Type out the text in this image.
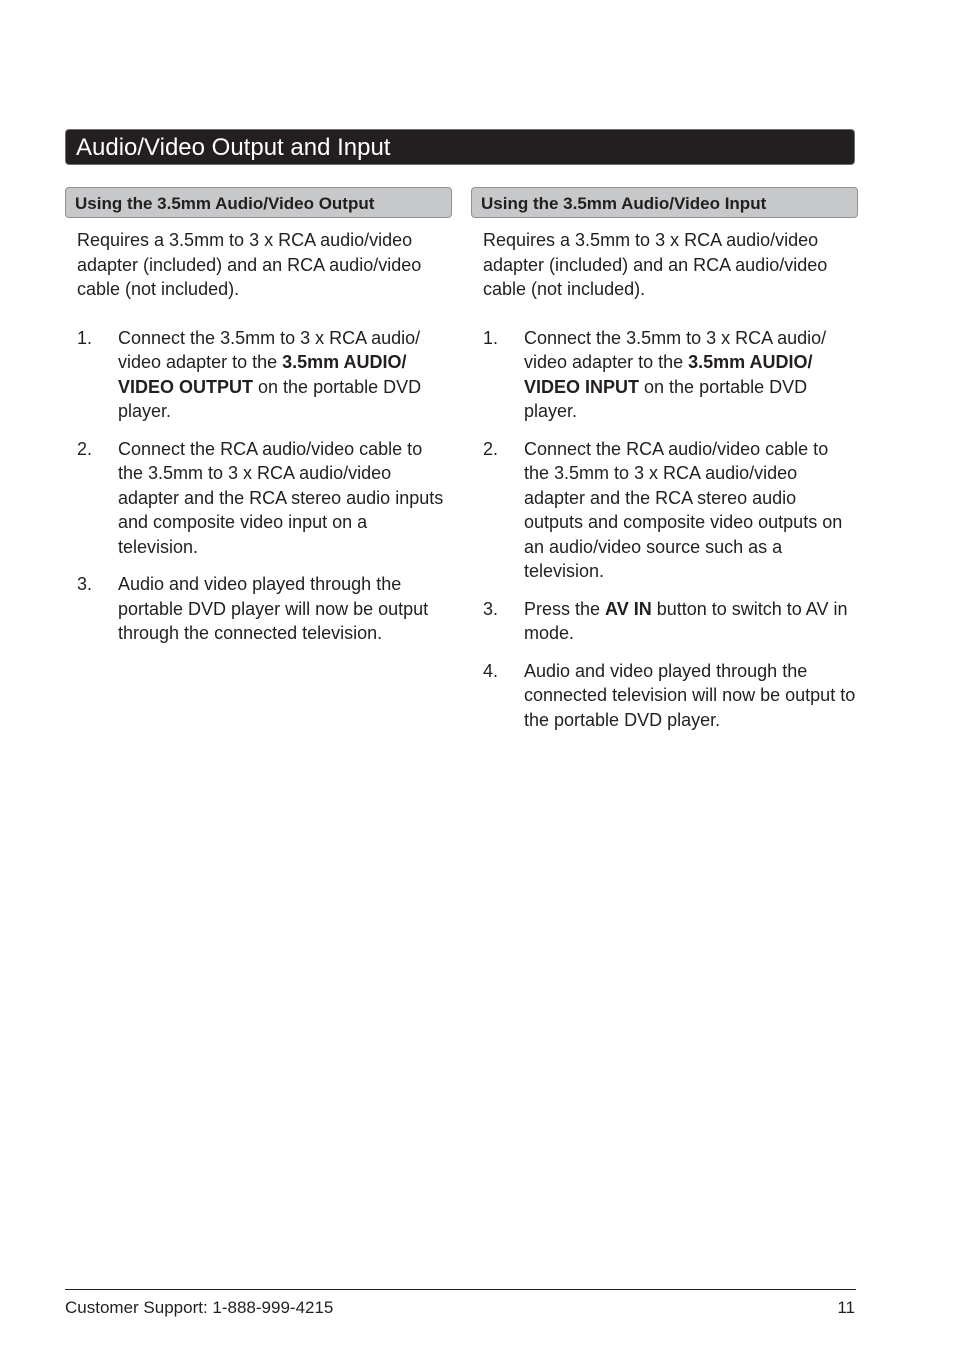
Audio/Video Output and Input
Using the 3.5mm Audio/Video Output
Requires a 3.5mm to 3 x RCA audio/video adapter (included) and an RCA audio/video cable (not included).
1. Connect the 3.5mm to 3 x RCA audio/ video adapter to the 3.5mm AUDIO/ VIDEO OUTPUT on the portable DVD player.
2. Connect the RCA audio/video cable to the 3.5mm to 3 x RCA audio/video adapter and the RCA stereo audio inputs and composite video input on a television.
3. Audio and video played through the portable DVD player will now be output through the connected television.
Using the 3.5mm Audio/Video Input
Requires a 3.5mm to 3 x RCA audio/video adapter (included) and an RCA audio/video cable (not included).
1. Connect the 3.5mm to 3 x RCA audio/ video adapter to the 3.5mm AUDIO/ VIDEO INPUT on the portable DVD player.
2. Connect the RCA audio/video cable to the 3.5mm to 3 x RCA audio/video adapter and the RCA stereo audio outputs and composite video outputs on an audio/video source such as a television.
3. Press the AV IN button to switch to AV in mode.
4. Audio and video played through the connected television will now be output to the portable DVD player.
Customer Support: 1-888-999-4215	11
